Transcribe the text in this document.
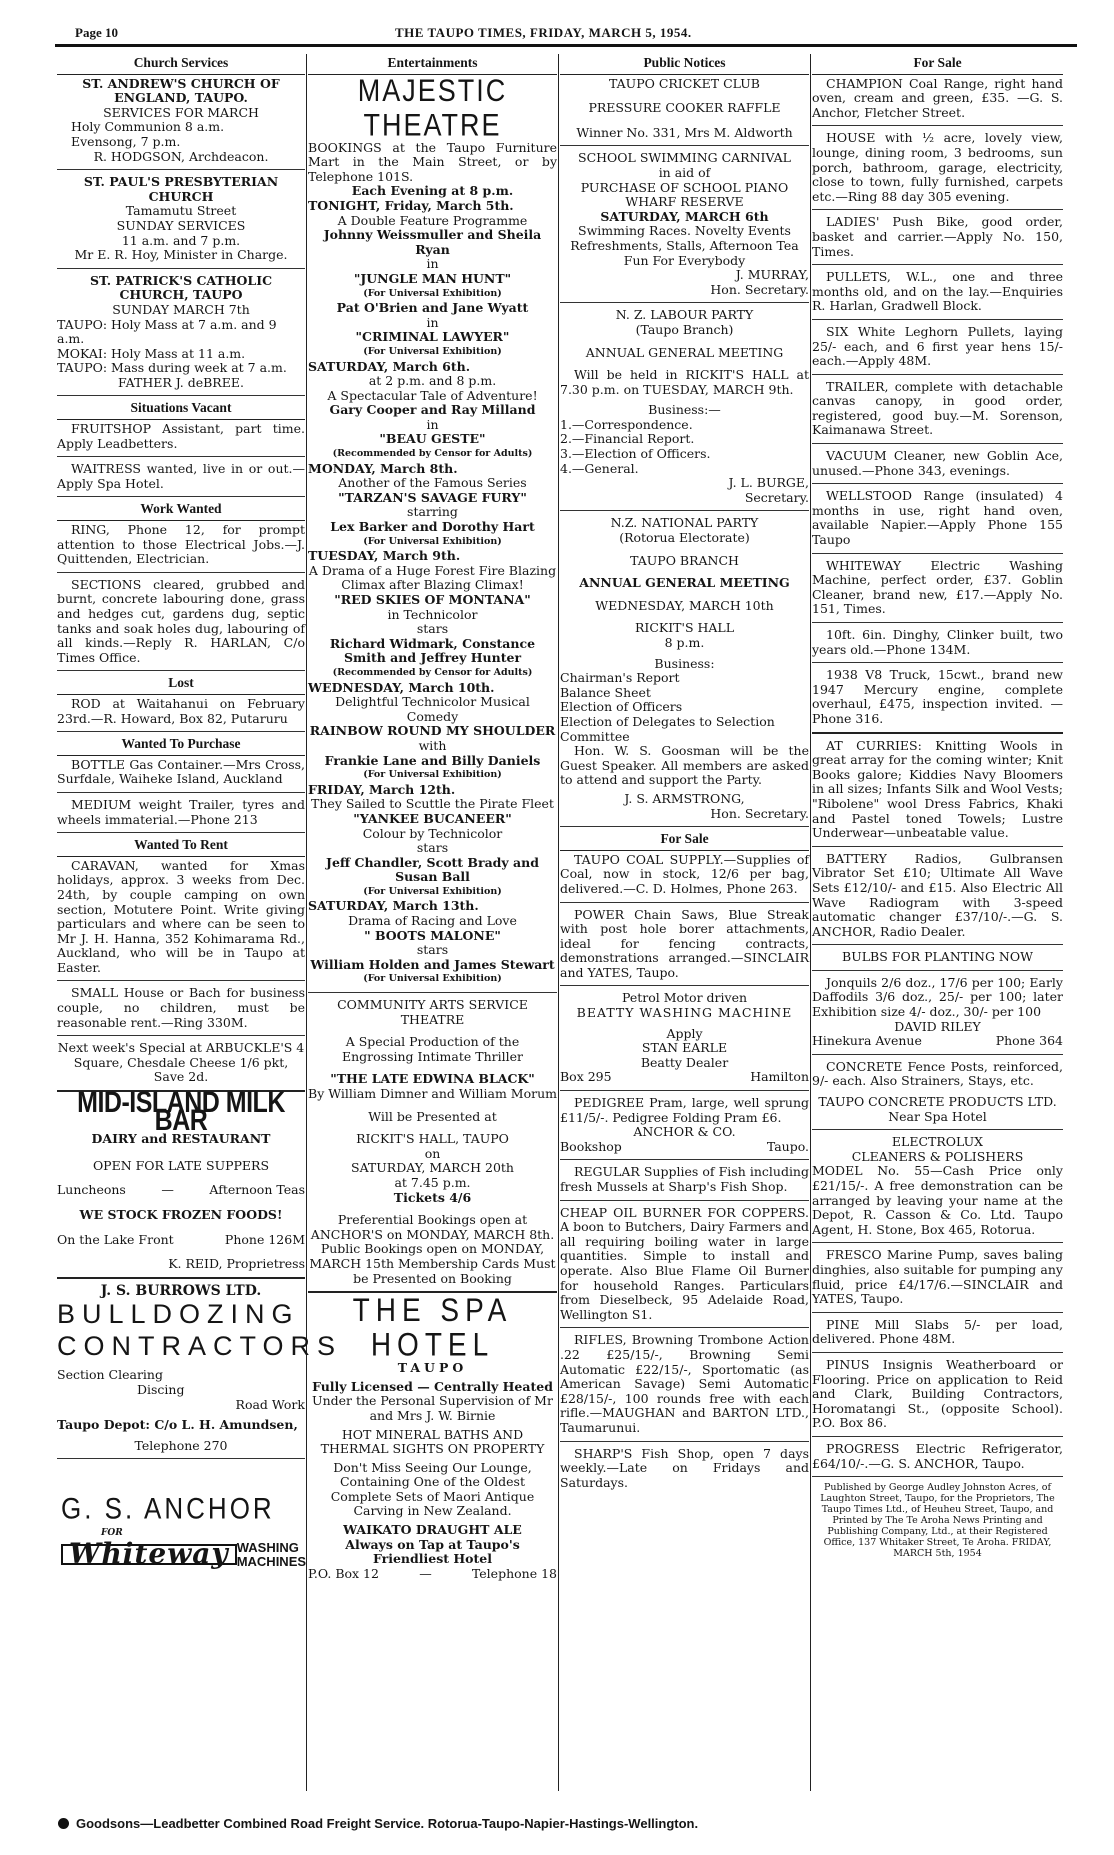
Page 10	THE TAUPO TIMES, FRIDAY, MARCH 5, 1954.
Church Services

ST. ANDREW'S CHURCH OF ENGLAND, TAUPO.

SERVICES FOR MARCH

Holy Communion 8 a.m.

Evensong, 7 p.m.

R. HODGSON, Archdeacon.

ST. PAUL'S PRESBYTERIAN CHURCH

Tamamutu Street

SUNDAY SERVICES

11 a.m. and 7 p.m.

Mr E. R. Hoy, Minister in Charge.

ST. PATRICK'S CATHOLIC CHURCH, TAUPO

SUNDAY MARCH 7th

TAUPO: Holy Mass at 7 a.m. and 9 a.m.

MOKAI: Holy Mass at 11 a.m.

TAUPO: Mass during week at 7 a.m.

FATHER J. deBREE.

Situations Vacant

FRUITSHOP Assistant, part time. Apply Leadbetters.

WAITRESS wanted, live in or out.—Apply Spa Hotel.

Work Wanted

RING, Phone 12, for prompt attention to those Electrical Jobs.—J. Quittenden, Electrician.

SECTIONS cleared, grubbed and burnt, concrete labouring done, grass and hedges cut, gardens dug, septic tanks and soak holes dug, labouring of all kinds.—Reply R. HARLAN, C/o Times Office.

Lost

ROD at Waitahanui on February 23rd.—R. Howard, Box 82, Putaruru

Wanted To Purchase

BOTTLE Gas Container.—Mrs Cross, Surfdale, Waiheke Island, Auckland

MEDIUM weight Trailer, tyres and wheels immaterial.—Phone 213

Wanted To Rent

CARAVAN, wanted for Xmas holidays, approx. 3 weeks from Dec. 24th, by couple camping on own section, Motutere Point. Write giving particulars and where can be seen to Mr J. H. Hanna, 352 Kohimarama Rd., Auckland, who will be in Taupo at Easter.

SMALL House or Bach for business couple, no children, must be reasonable rent.—Ring 330M.

Next week's Special at ARBUCKLE'S 4 Square, Chesdale Cheese 1/6 pkt, Save 2d.

MID-ISLAND MILK BAR

DAIRY and RESTAURANT

OPEN FOR LATE SUPPERS

Luncheons	—	Afternoon Teas

WE STOCK FROZEN FOODS!

On the Lake Front	Phone 126M

K. REID, Proprietress

J. S. BURROWS LTD.

BULLDOZING
CONTRACTORS

Section Clearing

Discing

Road Work

Taupo Depot: C/o L. H. Amundsen,

Telephone 270

G. S. ANCHOR
FOR
Whiteway WASHING
MACHINES
Entertainments
MAJESTIC THEATRE

BOOKINGS at the Taupo Furniture Mart in the Main Street, or by Telephone 101S.

Each Evening at 8 p.m.

TONIGHT, Friday, March 5th.

A Double Feature Programme

Johnny Weissmuller and Sheila Ryan

in

"JUNGLE MAN HUNT"

(For Universal Exhibition)

Pat O'Brien and Jane Wyatt

in

"CRIMINAL LAWYER"

(For Universal Exhibition)

SATURDAY, March 6th.

at 2 p.m. and 8 p.m.

A Spectacular Tale of Adventure!

Gary Cooper and Ray Milland

in

"BEAU GESTE"

(Recommended by Censor for Adults)

MONDAY, March 8th.

Another of the Famous Series

"TARZAN'S SAVAGE FURY"

starring

Lex Barker and Dorothy Hart

(For Universal Exhibition)

TUESDAY, March 9th.

A Drama of a Huge Forest Fire Blazing Climax after Blazing Climax!

"RED SKIES OF MONTANA"

in Technicolor

stars

Richard Widmark, Constance Smith and Jeffrey Hunter

(Recommended by Censor for Adults)

WEDNESDAY, March 10th.

Delightful Technicolor Musical Comedy

RAINBOW ROUND MY SHOULDER

with

Frankie Lane and Billy Daniels

(For Universal Exhibition)

FRIDAY, March 12th.

They Sailed to Scuttle the Pirate Fleet

"YANKEE BUCANEER"

Colour by Technicolor

stars

Jeff Chandler, Scott Brady and Susan Ball

(For Universal Exhibition)

SATURDAY, March 13th.

Drama of Racing and Love

" BOOTS MALONE"

stars

William Holden and James Stewart

(For Universal Exhibition)

COMMUNITY ARTS SERVICE THEATRE

A Special Production of the Engrossing Intimate Thriller

"THE LATE EDWINA BLACK"

By William Dimner and William Morum

Will be Presented at

RICKIT'S HALL, TAUPO

on

SATURDAY, MARCH 20th

at 7.45 p.m.

Tickets 4/6

Preferential Bookings open at ANCHOR'S on MONDAY, MARCH 8th. Public Bookings open on MONDAY, MARCH 15th Membership Cards Must be Presented on Booking

THE SPA HOTEL

TAUPO

Fully Licensed — Centrally Heated

Under the Personal Supervision of Mr and Mrs J. W. Birnie

HOT MINERAL BATHS AND THERMAL SIGHTS ON PROPERTY

Don't Miss Seeing Our Lounge, Containing One of the Oldest Complete Sets of Maori Antique Carving in New Zealand.

WAIKATO DRAUGHT ALE

Always on Tap at Taupo's Friendliest Hotel

P.O. Box 12	—	Telephone 18
Public Notices

TAUPO CRICKET CLUB

PRESSURE COOKER RAFFLE

Winner No. 331, Mrs M. Aldworth

SCHOOL SWIMMING CARNIVAL

in aid of

PURCHASE OF SCHOOL PIANO

WHARF RESERVE

SATURDAY, MARCH 6th

Swimming Races. Novelty Events Refreshments, Stalls, Afternoon Tea

Fun For Everybody

J. MURRAY,

Hon. Secretary.

N. Z. LABOUR PARTY

(Taupo Branch)

ANNUAL GENERAL MEETING

Will be held in RICKIT'S HALL at 7.30 p.m. on TUESDAY, MARCH 9th.

Business:—

1.—Correspondence.

2.—Financial Report.

3.—Election of Officers.

4.—General.

J. L. BURGE,

Secretary.

N.Z. NATIONAL PARTY

(Rotorua Electorate)

TAUPO BRANCH

ANNUAL GENERAL MEETING

WEDNESDAY, MARCH 10th

RICKIT'S HALL

8 p.m.

Business:

Chairman's Report

Balance Sheet

Election of Officers

Election of Delegates to Selection Committee

Hon. W. S. Goosman will be the Guest Speaker. All members are asked to attend and support the Party.

J. S. ARMSTRONG,

Hon. Secretary.

For Sale

TAUPO COAL SUPPLY.—Supplies of Coal, now in stock, 12/6 per bag, delivered.—C. D. Holmes, Phone 263.

POWER Chain Saws, Blue Streak with post hole borer attachments, ideal for fencing contracts, demonstrations arranged.—SINCLAIR and YATES, Taupo.

Petrol Motor driven

BEATTY WASHING MACHINE

Apply

STAN EARLE

Beatty Dealer

Box 295	Hamilton

PEDIGREE Pram, large, well sprung £11/5/-. Pedigree Folding Pram £6.

ANCHOR & CO.

Bookshop	Taupo.

REGULAR Supplies of Fish including fresh Mussels at Sharp's Fish Shop.

CHEAP OIL BURNER FOR COPPERS. A boon to Butchers, Dairy Farmers and all requiring boiling water in large quantities. Simple to install and operate. Also Blue Flame Oil Burner for household Ranges. Particulars from Dieselbeck, 95 Adelaide Road, Wellington S1.

RIFLES, Browning Trombone Action .22 £25/15/-, Browning Semi Automatic £22/15/-, Sportomatic (as American Savage) Semi Automatic £28/15/-, 100 rounds free with each rifle.—MAUGHAN and BARTON LTD., Taumarunui.

SHARP'S Fish Shop, open 7 days weekly.—Late on Fridays and Saturdays.

For Sale

CHAMPION Coal Range, right hand oven, cream and green, £35. —G. S. Anchor, Fletcher Street.

HOUSE with ½ acre, lovely view, lounge, dining room, 3 bedrooms, sun porch, bathroom, garage, electricity, close to town, fully furnished, carpets etc.—Ring 88 day 305 evening.

LADIES' Push Bike, good order, basket and carrier.—Apply No. 150, Times.

PULLETS, W.L., one and three months old, and on the lay.—Enquiries R. Harlan, Gradwell Block.

SIX White Leghorn Pullets, laying 25/- each, and 6 first year hens 15/- each.—Apply 48M.

TRAILER, complete with detachable canvas canopy, in good order, registered, good buy.—M. Sorenson, Kaimanawa Street.

VACUUM Cleaner, new Goblin Ace, unused.—Phone 343, evenings.

WELLSTOOD Range (insulated) 4 months in use, right hand oven, available Napier.—Apply Phone 155 Taupo

WHITEWAY Electric Washing Machine, perfect order, £37. Goblin Cleaner, brand new, £17.—Apply No. 151, Times.

10ft. 6in. Dinghy, Clinker built, two years old.—Phone 134M.

1938 V8 Truck, 15cwt., brand new 1947 Mercury engine, complete overhaul, £475, inspection invited. —Phone 316.

AT CURRIES: Knitting Wools in great array for the coming winter; Knit Books galore; Kiddies Navy Bloomers in all sizes; Infants Silk and Wool Vests; "Ribolene" wool Dress Fabrics, Khaki and Pastel toned Towels; Lustre Underwear—unbeatable value.

BATTERY Radios, Gulbransen Vibrator Set £10; Ultimate All Wave Sets £12/10/- and £15. Also Electric All Wave Radiogram with 3-speed automatic changer £37/10/-.—G. S. ANCHOR, Radio Dealer.

BULBS FOR PLANTING NOW

Jonquils 2/6 doz., 17/6 per 100; Early Daffodils 3/6 doz., 25/- per 100; later Exhibition size 4/- doz., 30/- per 100

DAVID RILEY

Hinekura Avenue	Phone 364

CONCRETE Fence Posts, reinforced, 9/- each. Also Strainers, Stays, etc.

TAUPO CONCRETE PRODUCTS LTD.

Near Spa Hotel

ELECTROLUX

CLEANERS & POLISHERS

MODEL No. 55—Cash Price only £21/15/-. A free demonstration can be arranged by leaving your name at the Depot, R. Casson & Co. Ltd. Taupo Agent, H. Stone, Box 465, Rotorua.

FRESCO Marine Pump, saves baling dinghies, also suitable for pumping any fluid, price £4/17/6.—SINCLAIR and YATES, Taupo.

PINE Mill Slabs 5/- per load, delivered. Phone 48M.

PINUS Insignis Weatherboard or Flooring. Price on application to Reid and Clark, Building Contractors, Horomatangi St., (opposite School). P.O. Box 86.

PROGRESS Electric Refrigerator, £64/10/-.—G. S. ANCHOR, Taupo.

Published by George Audley Johnston Acres, of Laughton Street, Taupo, for the Proprietors, The Taupo Times Ltd., of Heuheu Street, Taupo, and Printed by The Te Aroha News Printing and Publishing Company, Ltd., at their Registered Office, 137 Whitaker Street, Te Aroha. FRIDAY, MARCH 5th, 1954

Goodsons—Leadbetter Combined Road Freight Service. Rotorua-Taupo-Napier-Hastings-Wellington.
